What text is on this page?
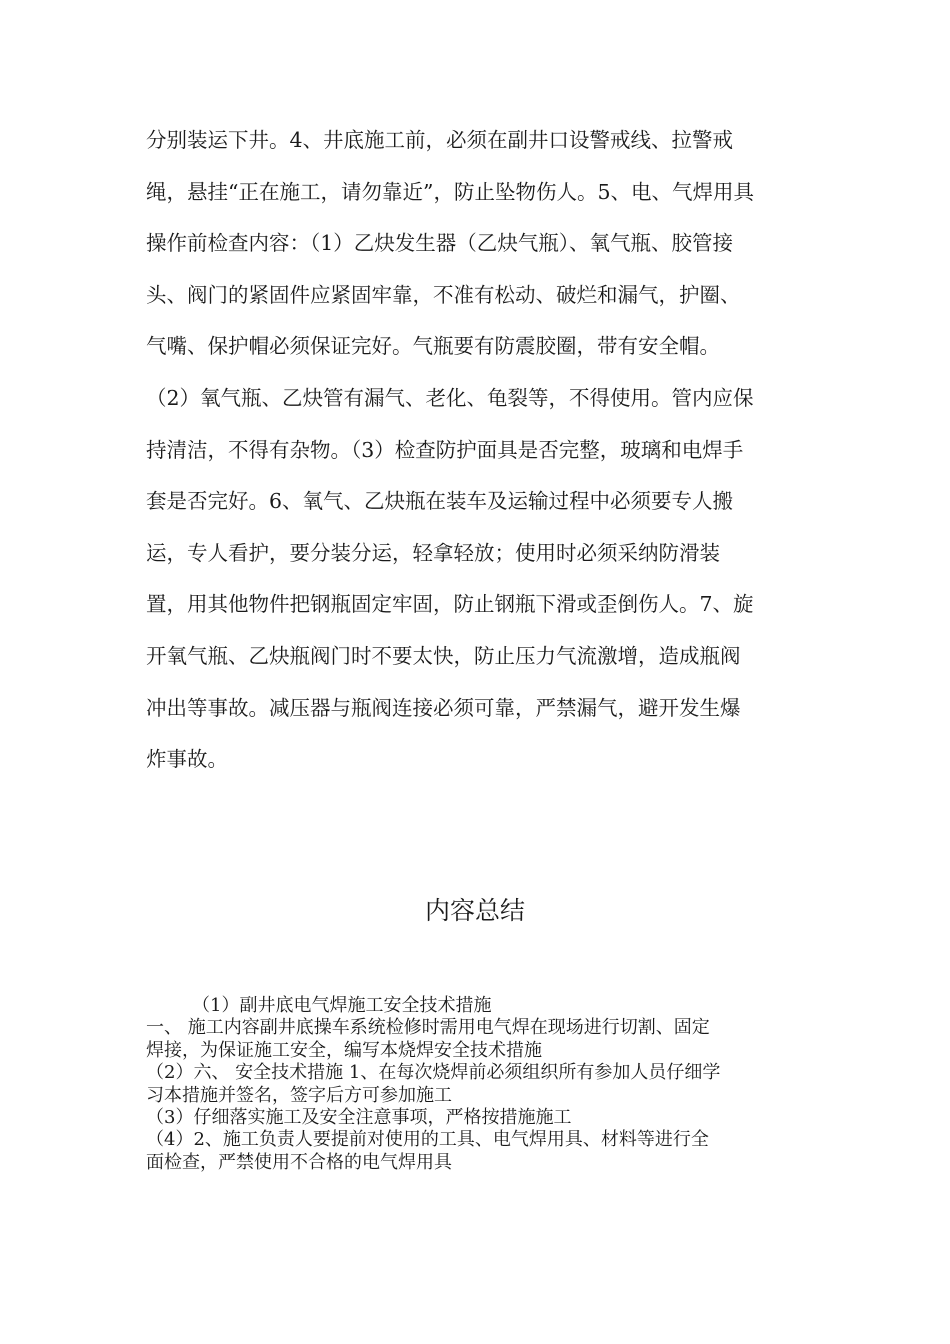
分别装运下井。4、井底施工前，必须在副井口设警戒线、拉警戒
绳，悬挂“正在施工，请勿靠近”，防止坠物伤人。5、电、气焊用具
操作前检查内容：（1）乙炔发生器（乙炔气瓶）、氧气瓶、胶管接
头、阀门的紧固件应紧固牢靠，不准有松动、破烂和漏气，护圈、
气嘴、保护帽必须保证完好。气瓶要有防震胶圈，带有安全帽。
（2）氧气瓶、乙炔管有漏气、老化、龟裂等，不得使用。管内应保
持清洁，不得有杂物。（3）检查防护面具是否完整，玻璃和电焊手
套是否完好。6、氧气、乙炔瓶在装车及运输过程中必须要专人搬
运，专人看护，要分装分运，轻拿轻放；使用时必须采纳防滑装
置，用其他物件把钢瓶固定牢固，防止钢瓶下滑或歪倒伤人。7、旋
开氧气瓶、乙炔瓶阀门时不要太快，防止压力气流激增，造成瓶阀
冲出等事故。减压器与瓶阀连接必须可靠，严禁漏气，避开发生爆
炸事故。
内容总结
（1）副井底电气焊施工安全技术措施
一、 施工内容副井底操车系统检修时需用电气焊在现场进行切割、固定
焊接，为保证施工安全，编写本烧焊安全技术措施
（2）六、 安全技术措施 1、在每次烧焊前必须组织所有参加人员仔细学
习本措施并签名，签字后方可参加施工
（3）仔细落实施工及安全注意事项，严格按措施施工
（4）2、施工负责人要提前对使用的工具、电气焊用具、材料等进行全
面检查，严禁使用不合格的电气焊用具
